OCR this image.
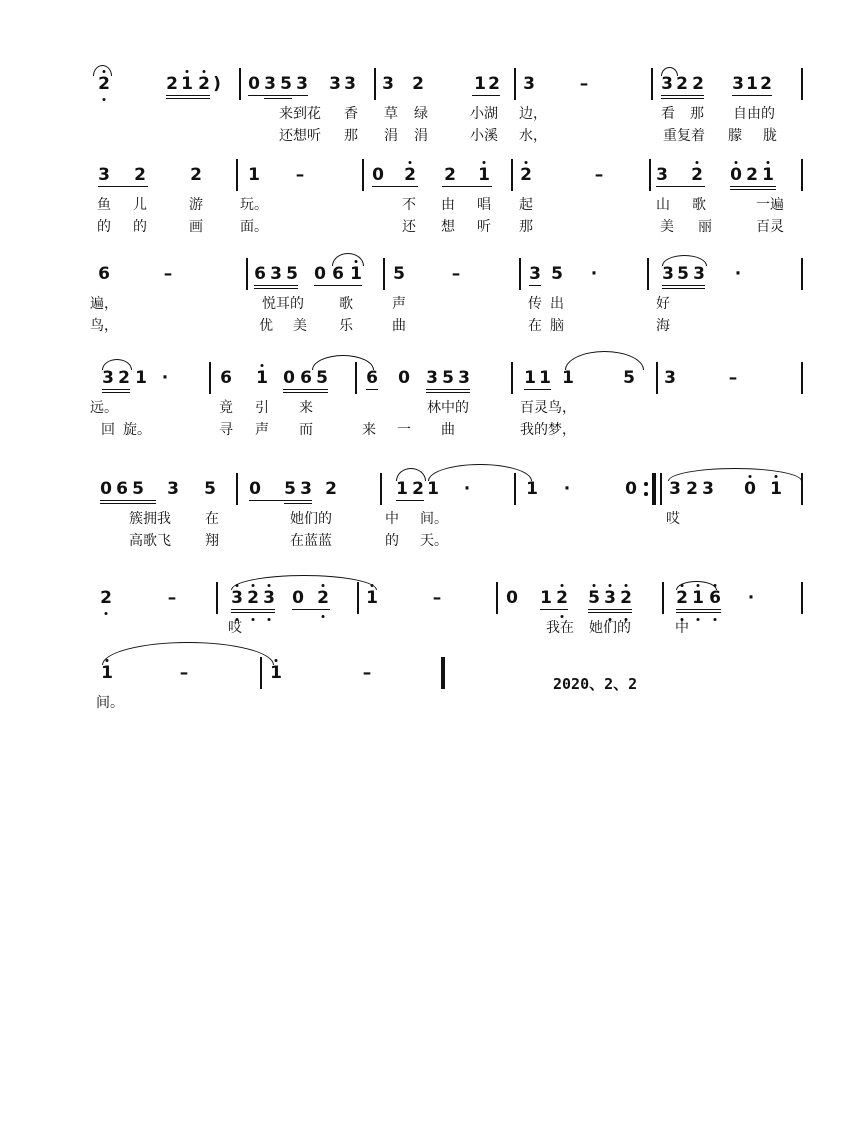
2	2 1 2 ) 0 3 5 3 3 3 3 2	1 2 3	–	3 2 2 3 1 2
来到花 香 草 绿	小湖 边，	看 那 自由的
还想听 那 涓 涓	小溪 水，	重复着 朦 胧
3 2	2	1 –	0 2 2 1 2	–	3 2 0 2 1
鱼 儿	游	玩。	不 由 唱 起	山 歌	一遍
的 的	画	面。	还 想 听 那	美 丽	百灵
6	–	6 3 5 0 6 1 5	–	3 5 ·	3 5 3 ·
遍，	悦耳的	歌	声	传 出	好
鸟，	优 美 乐	曲	在 脑	海
3 2 1 ·	6 1 0 6 5 6 0 3 5 3	1 1 1	5 3	–
远。	竟 引 来	林中的	百灵鸟，
回 旋。	寻 声 而	来 一 曲	我的梦，
0 6 5 3 5 0 5 3 2	1 2 1 ·	1 ·	0 3 2 3 0 1
簇拥我 在	她们的	中 间。	哎
高歌飞 翔	在蓝蓝	的 天。
2	–	3 2 3 0 2 1	–	0 1 2 5 3 2	2 1 6 ·
哎	我在 她们的	中
1	–	1	–
间。
2020、2、2
